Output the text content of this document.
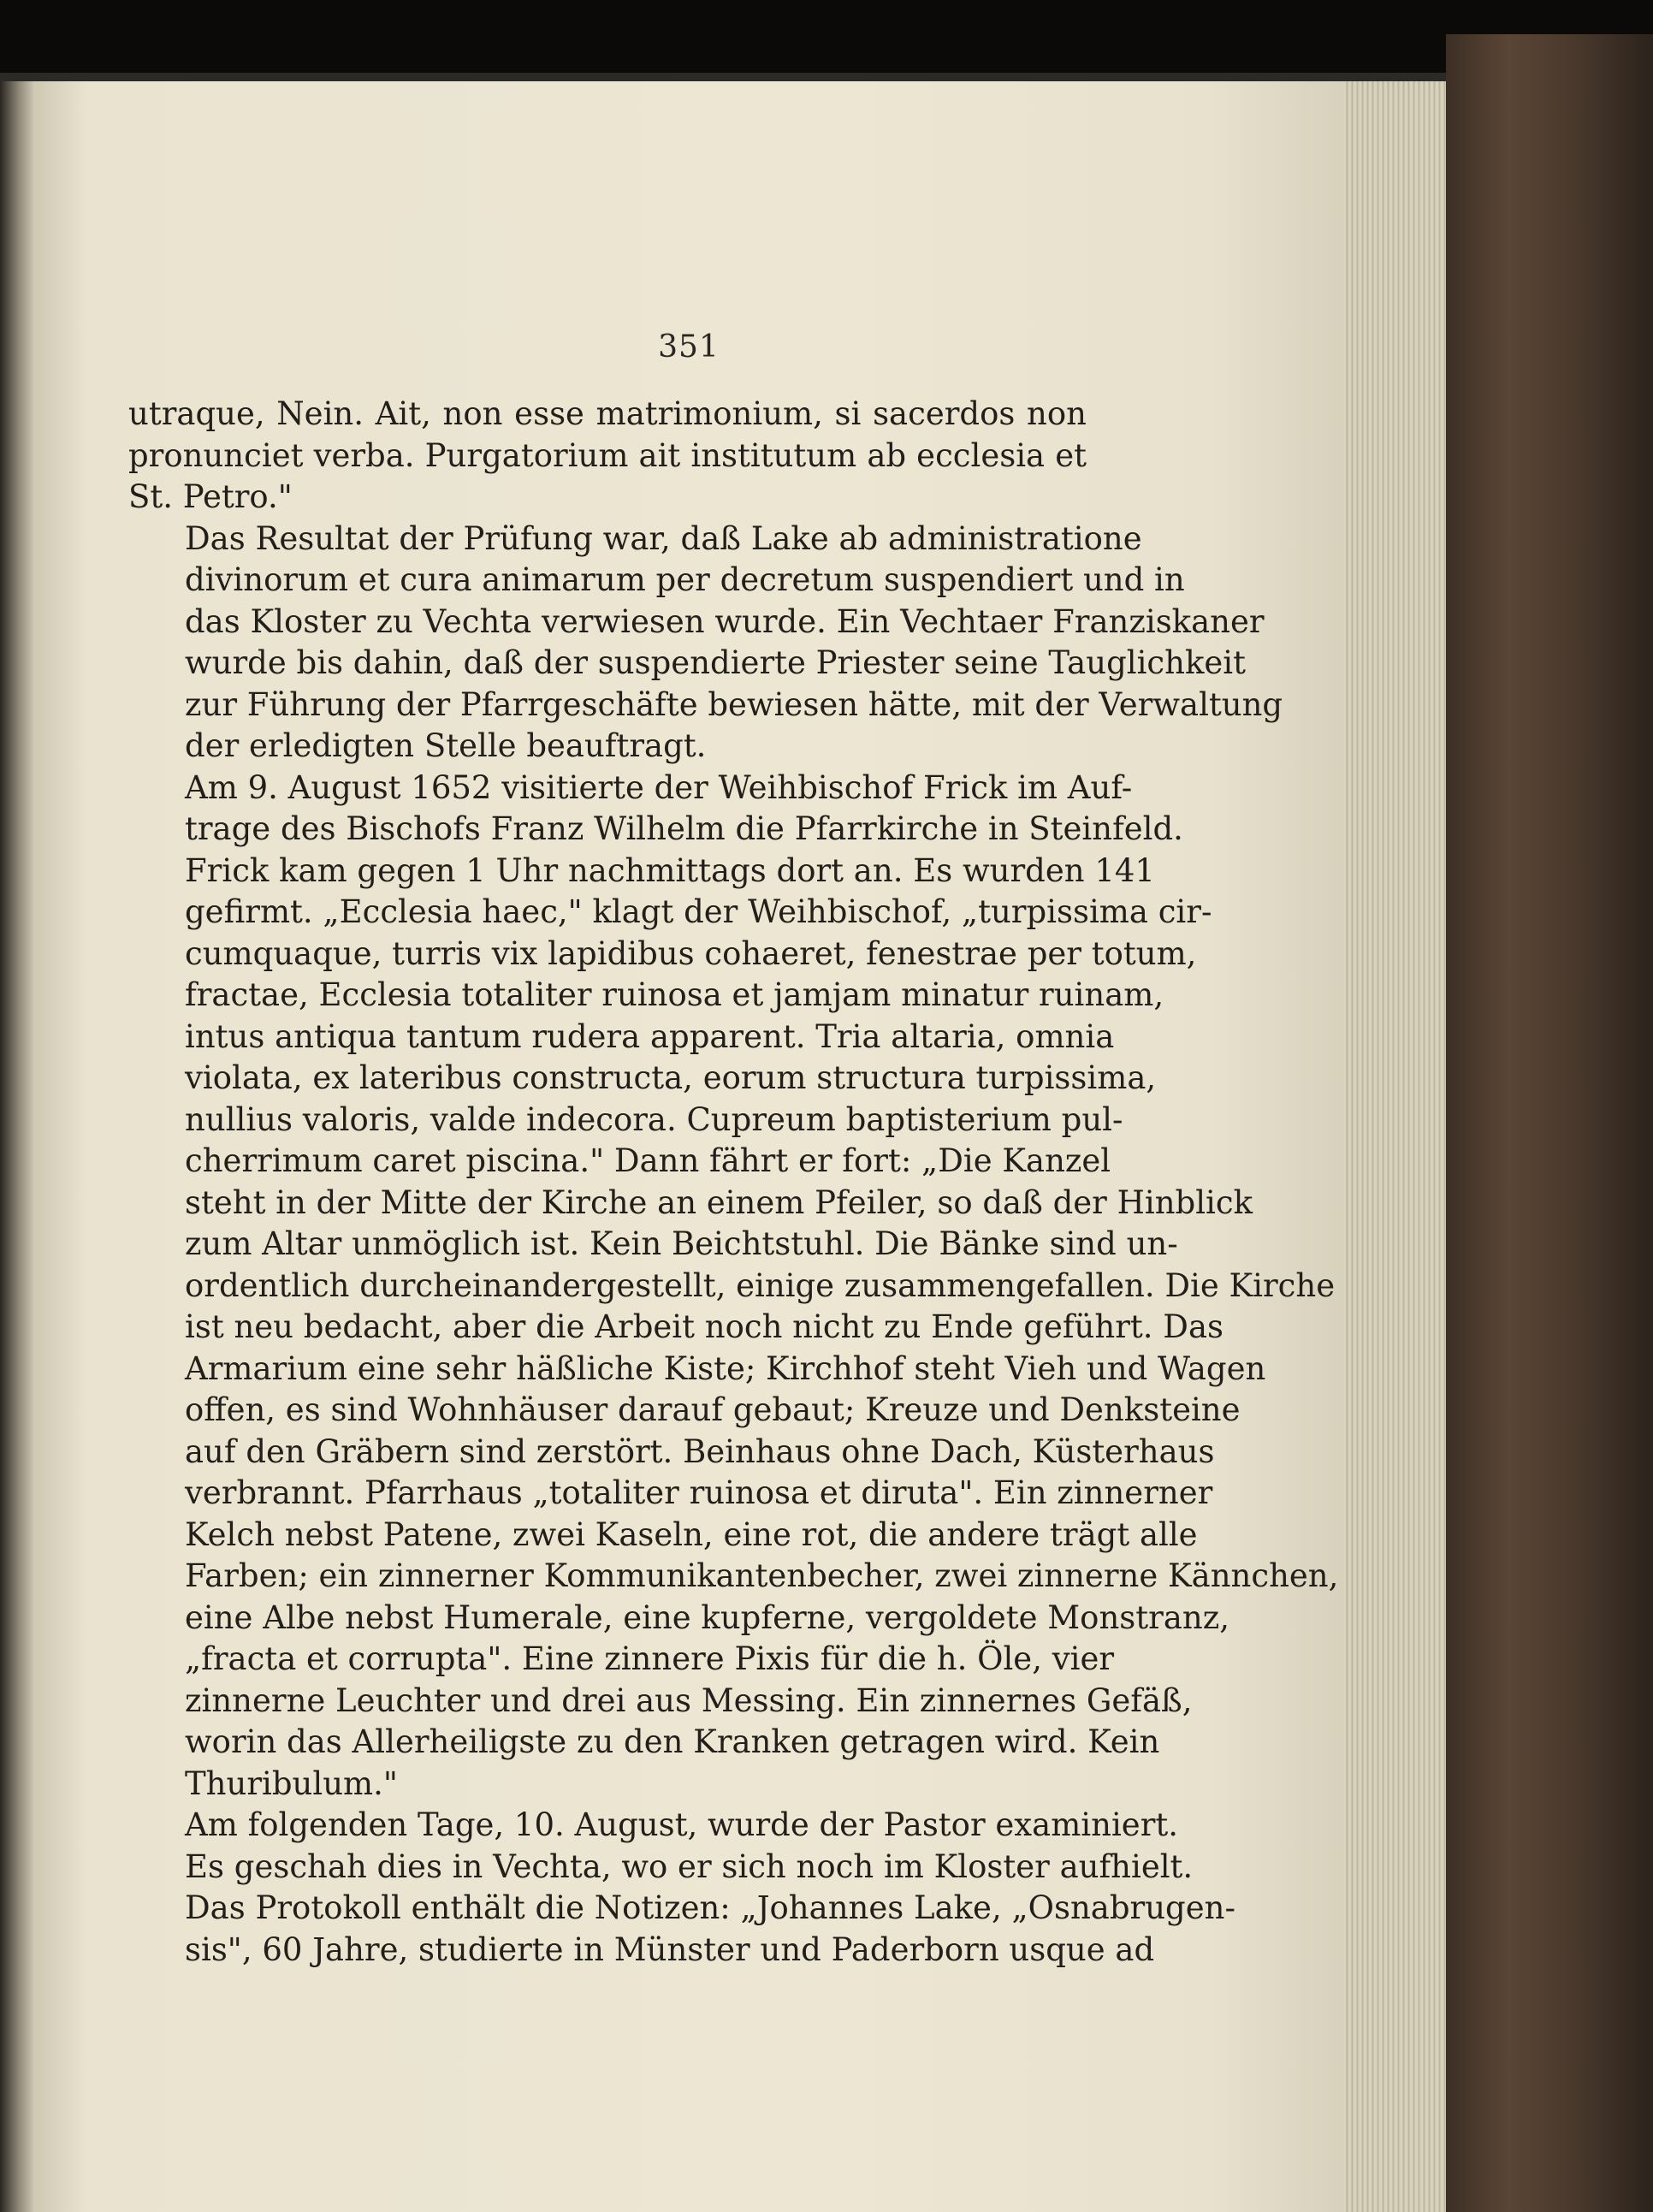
351
utraque, Nein. Ait, non esse matrimonium, si sacerdos non
pronunciet verba. Purgatorium ait institutum ab ecclesia et
St. Petro."
Das Resultat der Prüfung war, daß Lake ab administratione
divinorum et cura animarum per decretum suspendiert und in
das Kloster zu Vechta verwiesen wurde. Ein Vechtaer Franziskaner
wurde bis dahin, daß der suspendierte Priester seine Tauglichkeit
zur Führung der Pfarrgeschäfte bewiesen hätte, mit der Verwaltung
der erledigten Stelle beauftragt.
Am 9. August 1652 visitierte der Weihbischof Frick im Auf-
trage des Bischofs Franz Wilhelm die Pfarrkirche in Steinfeld.
Frick kam gegen 1 Uhr nachmittags dort an. Es wurden 141
gefirmt. „Ecclesia haec," klagt der Weihbischof, „turpissima cir-
cumquaque, turris vix lapidibus cohaeret, fenestrae per totum,
fractae, Ecclesia totaliter ruinosa et jamjam minatur ruinam,
intus antiqua tantum rudera apparent. Tria altaria, omnia
violata, ex lateribus constructa, eorum structura turpissima,
nullius valoris, valde indecora. Cupreum baptisterium pul-
cherrimum caret piscina." Dann fährt er fort: „Die Kanzel
steht in der Mitte der Kirche an einem Pfeiler, so daß der Hinblick
zum Altar unmöglich ist. Kein Beichtstuhl. Die Bänke sind un-
ordentlich durcheinandergestellt, einige zusammengefallen. Die Kirche
ist neu bedacht, aber die Arbeit noch nicht zu Ende geführt. Das
Armarium eine sehr häßliche Kiste; Kirchhof steht Vieh und Wagen
offen, es sind Wohnhäuser darauf gebaut; Kreuze und Denksteine
auf den Gräbern sind zerstört. Beinhaus ohne Dach, Küsterhaus
verbrannt. Pfarrhaus „totaliter ruinosa et diruta". Ein zinnerner
Kelch nebst Patene, zwei Kaseln, eine rot, die andere trägt alle
Farben; ein zinnerner Kommunikantenbecher, zwei zinnerne Kännchen,
eine Albe nebst Humerale, eine kupferne, vergoldete Monstranz,
„fracta et corrupta". Eine zinnere Pixis für die h. Öle, vier
zinnerne Leuchter und drei aus Messing. Ein zinnernes Gefäß,
worin das Allerheiligste zu den Kranken getragen wird. Kein
Thuribulum."
Am folgenden Tage, 10. August, wurde der Pastor examiniert.
Es geschah dies in Vechta, wo er sich noch im Kloster aufhielt.
Das Protokoll enthält die Notizen: „Johannes Lake, „Osnabrugen-
sis", 60 Jahre, studierte in Münster und Paderborn usque ad
